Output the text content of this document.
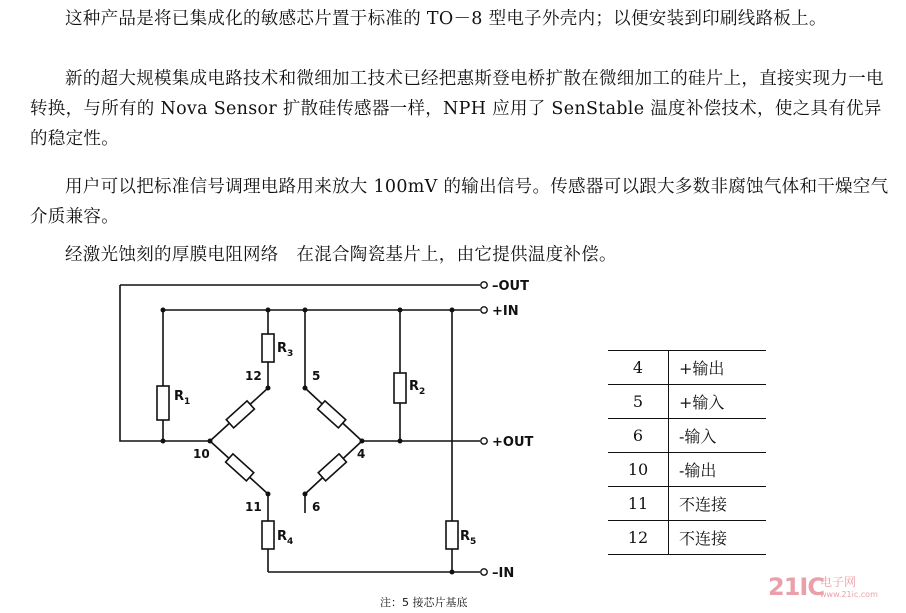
这种产品是将已集成化的敏感芯片置于标准的 TO－8 型电子外壳内；以便安装到印刷线路板上。

新的超大规模集成电路技术和微细加工技术已经把惠斯登电桥扩散在微细加工的硅片上，直接实现力一电转换，与所有的 Nova Sensor 扩散硅传感器一样，NPH 应用了 SenStable 温度补偿技术，使之具有优异的稳定性。

用户可以把标准信号调理电路用来放大 100mV 的输出信号。传感器可以跟大多数非腐蚀气体和干燥空气介质兼容。

经激光蚀刻的厚膜电阻网络　在混合陶瓷基片上，由它提供温度补偿。

–OUT
+IN
+OUT
–IN
$R_1$
$R_3$
$R_2$
$R_4$	$R_5$
12	5
10	4
11	6
4	+输出
5	+输入
6	-输入
10	-输出
11	不连接
12	不连接
注：5 接芯片基底
21IC
电子网
www.21ic.com
